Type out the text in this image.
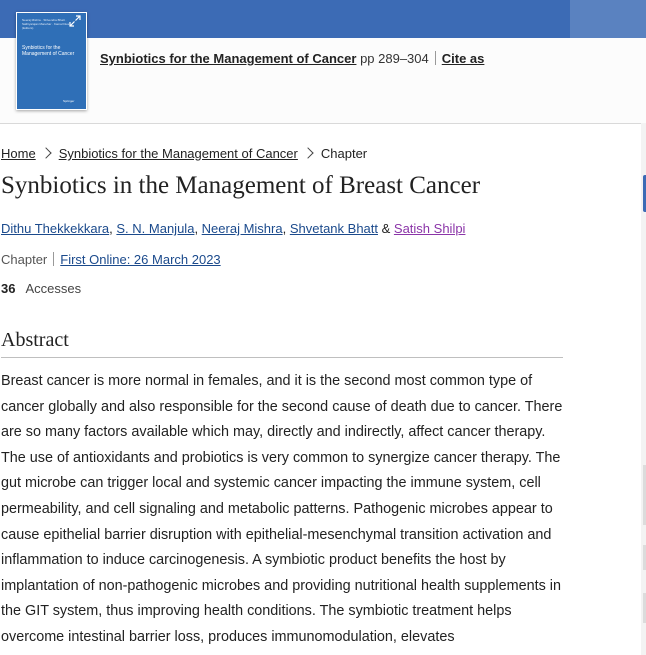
Neeraj Mishra · Shivendra Bhatt · Sathiyarajan Manohar · Kamal Dua (Editors)
Synbiotics for the Management of Cancer
Springer
Synbiotics for the Management of Cancer pp 289–304 Cite as
Home Synbiotics for the Management of Cancer Chapter
Synbiotics in the Management of Breast Cancer
Dithu Thekkekkara, S. N. Manjula, Neeraj Mishra, Shvetank Bhatt & Satish Shilpi
Chapter First Online: 26 March 2023
36 Accesses
Abstract

Breast cancer is more normal in females, and it is the second most common type of cancer globally and also responsible for the second cause of death due to cancer. There are so many factors available which may, directly and indirectly, affect cancer therapy. The use of antioxidants and probiotics is very common to synergize cancer therapy. The gut microbe can trigger local and systemic cancer impacting the immune system, cell permeability, and cell signaling and metabolic patterns. Pathogenic microbes appear to cause epithelial barrier disruption with epithelial-mesenchymal transition activation and inflammation to induce carcinogenesis. A symbiotic product benefits the host by implantation of non-pathogenic microbes and providing nutritional health supplements in the GIT system, thus improving health conditions. The symbiotic treatment helps overcome intestinal barrier loss, produces immunomodulation, elevates
